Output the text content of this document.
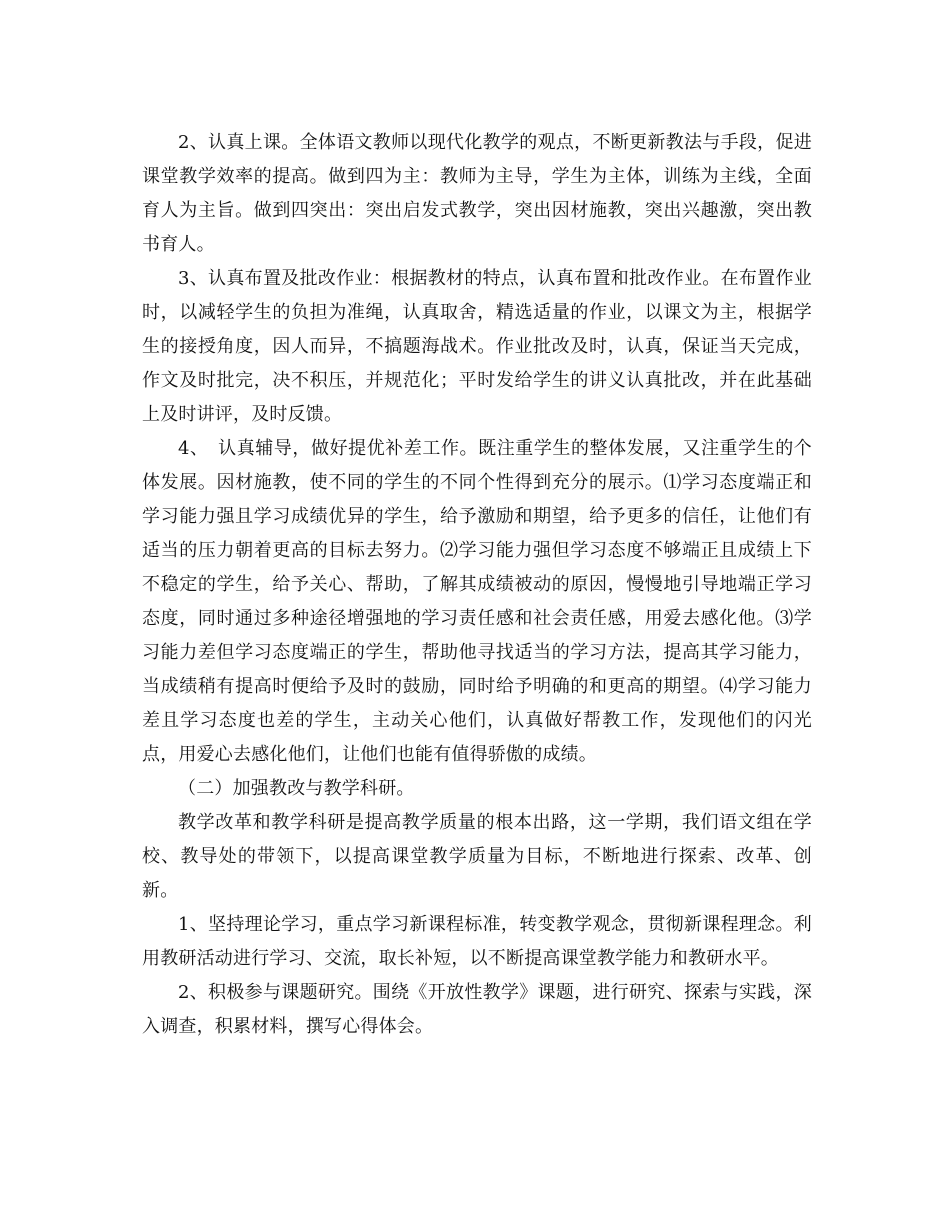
2、认真上课。全体语文教师以现代化教学的观点，不断更新教法与手段，促进课堂教学效率的提高。做到四为主：教师为主导，学生为主体，训练为主线，全面育人为主旨。做到四突出：突出启发式教学，突出因材施教，突出兴趣激，突出教书育人。

3、认真布置及批改作业：根据教材的特点，认真布置和批改作业。在布置作业时，以减轻学生的负担为准绳，认真取舍，精选适量的作业，以课文为主，根据学生的接授角度，因人而异，不搞题海战术。作业批改及时，认真，保证当天完成，作文及时批完，决不积压，并规范化；平时发给学生的讲义认真批改，并在此基础上及时讲评，及时反馈。

4、　认真辅导，做好提优补差工作。既注重学生的整体发展，又注重学生的个体发展。因材施教，使不同的学生的不同个性得到充分的展示。⑴学习态度端正和学习能力强且学习成绩优异的学生，给予激励和期望，给予更多的信任，让他们有适当的压力朝着更高的目标去努力。⑵学习能力强但学习态度不够端正且成绩上下不稳定的学生，给予关心、帮助，了解其成绩被动的原因，慢慢地引导地端正学习态度，同时通过多种途径增强地的学习责任感和社会责任感，用爱去感化他。⑶学习能力差但学习态度端正的学生，帮助他寻找适当的学习方法，提高其学习能力，当成绩稍有提高时便给予及时的鼓励，同时给予明确的和更高的期望。⑷学习能力差且学习态度也差的学生，主动关心他们，认真做好帮教工作，发现他们的闪光点，用爱心去感化他们，让他们也能有值得骄傲的成绩。

（二）加强教改与教学科研。

教学改革和教学科研是提高教学质量的根本出路，这一学期，我们语文组在学校、教导处的带领下，以提高课堂教学质量为目标，不断地进行探索、改革、创新。

1、坚持理论学习，重点学习新课程标准，转变教学观念，贯彻新课程理念。利用教研活动进行学习、交流，取长补短，以不断提高课堂教学能力和教研水平。

2、积极参与课题研究。围绕《开放性教学》课题，进行研究、探索与实践，深入调查，积累材料，撰写心得体会。
